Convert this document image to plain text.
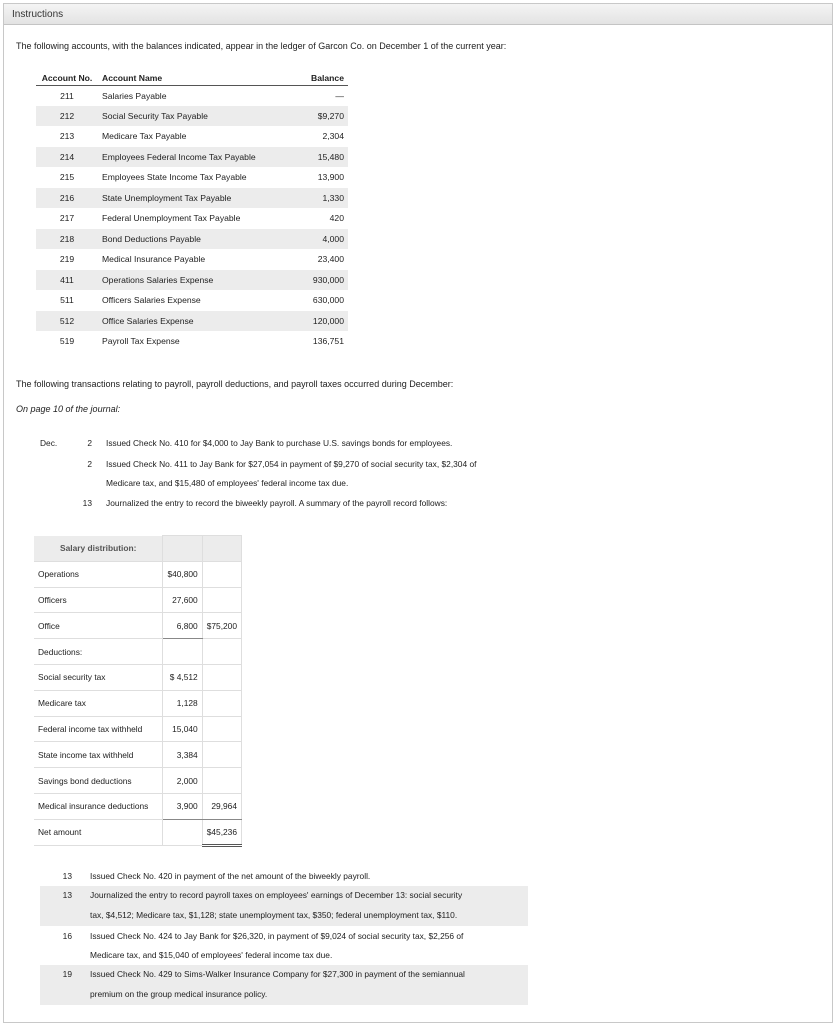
Instructions
The following accounts, with the balances indicated, appear in the ledger of Garcon Co. on December 1 of the current year:
Account No.	Account Name	Balance
211	Salaries Payable	—
212	Social Security Tax Payable	$9,270
213	Medicare Tax Payable	2,304
214	Employees Federal Income Tax Payable	15,480
215	Employees State Income Tax Payable	13,900
216	State Unemployment Tax Payable	1,330
217	Federal Unemployment Tax Payable	420
218	Bond Deductions Payable	4,000
219	Medical Insurance Payable	23,400
411	Operations Salaries Expense	930,000
511	Officers Salaries Expense	630,000
512	Office Salaries Expense	120,000
519	Payroll Tax Expense	136,751
The following transactions relating to payroll, payroll deductions, and payroll taxes occurred during December:
On page 10 of the journal:
Dec.	2 Issued Check No. 410 for $4,000 to Jay Bank to purchase U.S. savings bonds for employees.
2 Issued Check No. 411 to Jay Bank for $27,054 in payment of $9,270 of social security tax, $2,304 of
Medicare tax, and $15,480 of employees' federal income tax due.
13 Journalized the entry to record the biweekly payroll. A summary of the payroll record follows:
Salary distribution:		
Operations	$40,800	
Officers	27,600	
Office	6,800	$75,200
Deductions:		
Social security tax	$ 4,512	
Medicare tax	1,128	
Federal income tax withheld	15,040	
State income tax withheld	3,384	
Savings bond deductions	2,000	
Medical insurance deductions	3,900	29,964
Net amount		$45,236
13 Issued Check No. 420 in payment of the net amount of the biweekly payroll.
13 Journalized the entry to record payroll taxes on employees' earnings of December 13: social security
tax, $4,512; Medicare tax, $1,128; state unemployment tax, $350; federal unemployment tax, $110.
16 Issued Check No. 424 to Jay Bank for $26,320, in payment of $9,024 of social security tax, $2,256 of
Medicare tax, and $15,040 of employees' federal income tax due.
19 Issued Check No. 429 to Sims-Walker Insurance Company for $27,300 in payment of the semiannual
premium on the group medical insurance policy.
